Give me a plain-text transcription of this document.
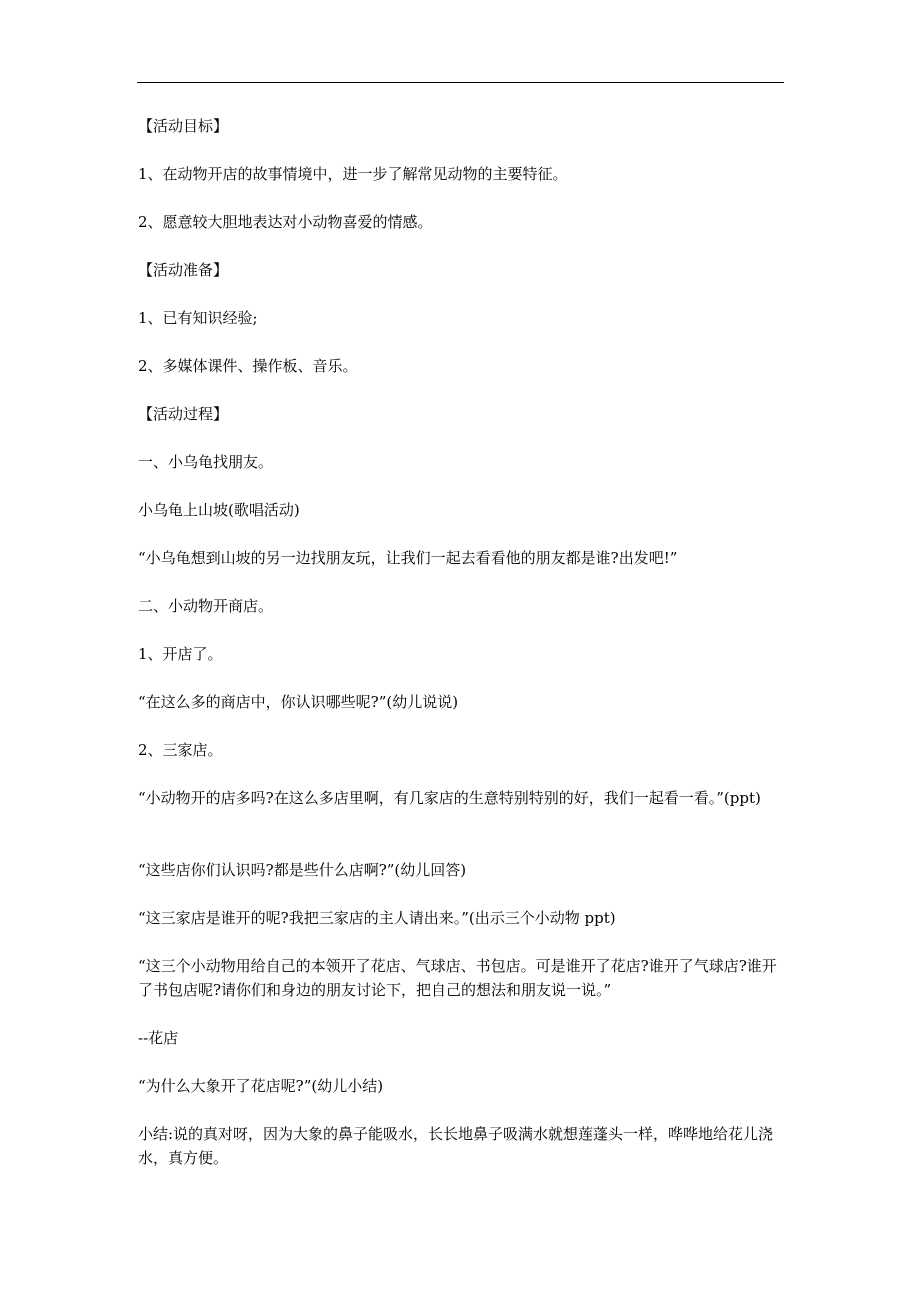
【活动目标】
1、在动物开店的故事情境中，进一步了解常见动物的主要特征。
2、愿意较大胆地表达对小动物喜爱的情感。
【活动准备】
1、已有知识经验;
2、多媒体课件、操作板、音乐。
【活动过程】
一、小乌龟找朋友。
小乌龟上山坡(歌唱活动)
“小乌龟想到山坡的另一边找朋友玩，让我们一起去看看他的朋友都是谁?出发吧!”
二、小动物开商店。
1、开店了。
“在这么多的商店中，你认识哪些呢?”(幼儿说说)
2、三家店。
“小动物开的店多吗?在这么多店里啊，有几家店的生意特别特别的好，我们一起看一看。”(ppt)
“这些店你们认识吗?都是些什么店啊?”(幼儿回答)
“这三家店是谁开的呢?我把三家店的主人请出来。”(出示三个小动物 ppt)
“这三个小动物用给自己的本领开了花店、气球店、书包店。可是谁开了花店?谁开了气球店?谁开了书包店呢?请你们和身边的朋友讨论下，把自己的想法和朋友说一说。”
--花店
“为什么大象开了花店呢?”(幼儿小结)
小结:说的真对呀，因为大象的鼻子能吸水，长长地鼻子吸满水就想莲蓬头一样，哗哗地给花儿浇水，真方便。
